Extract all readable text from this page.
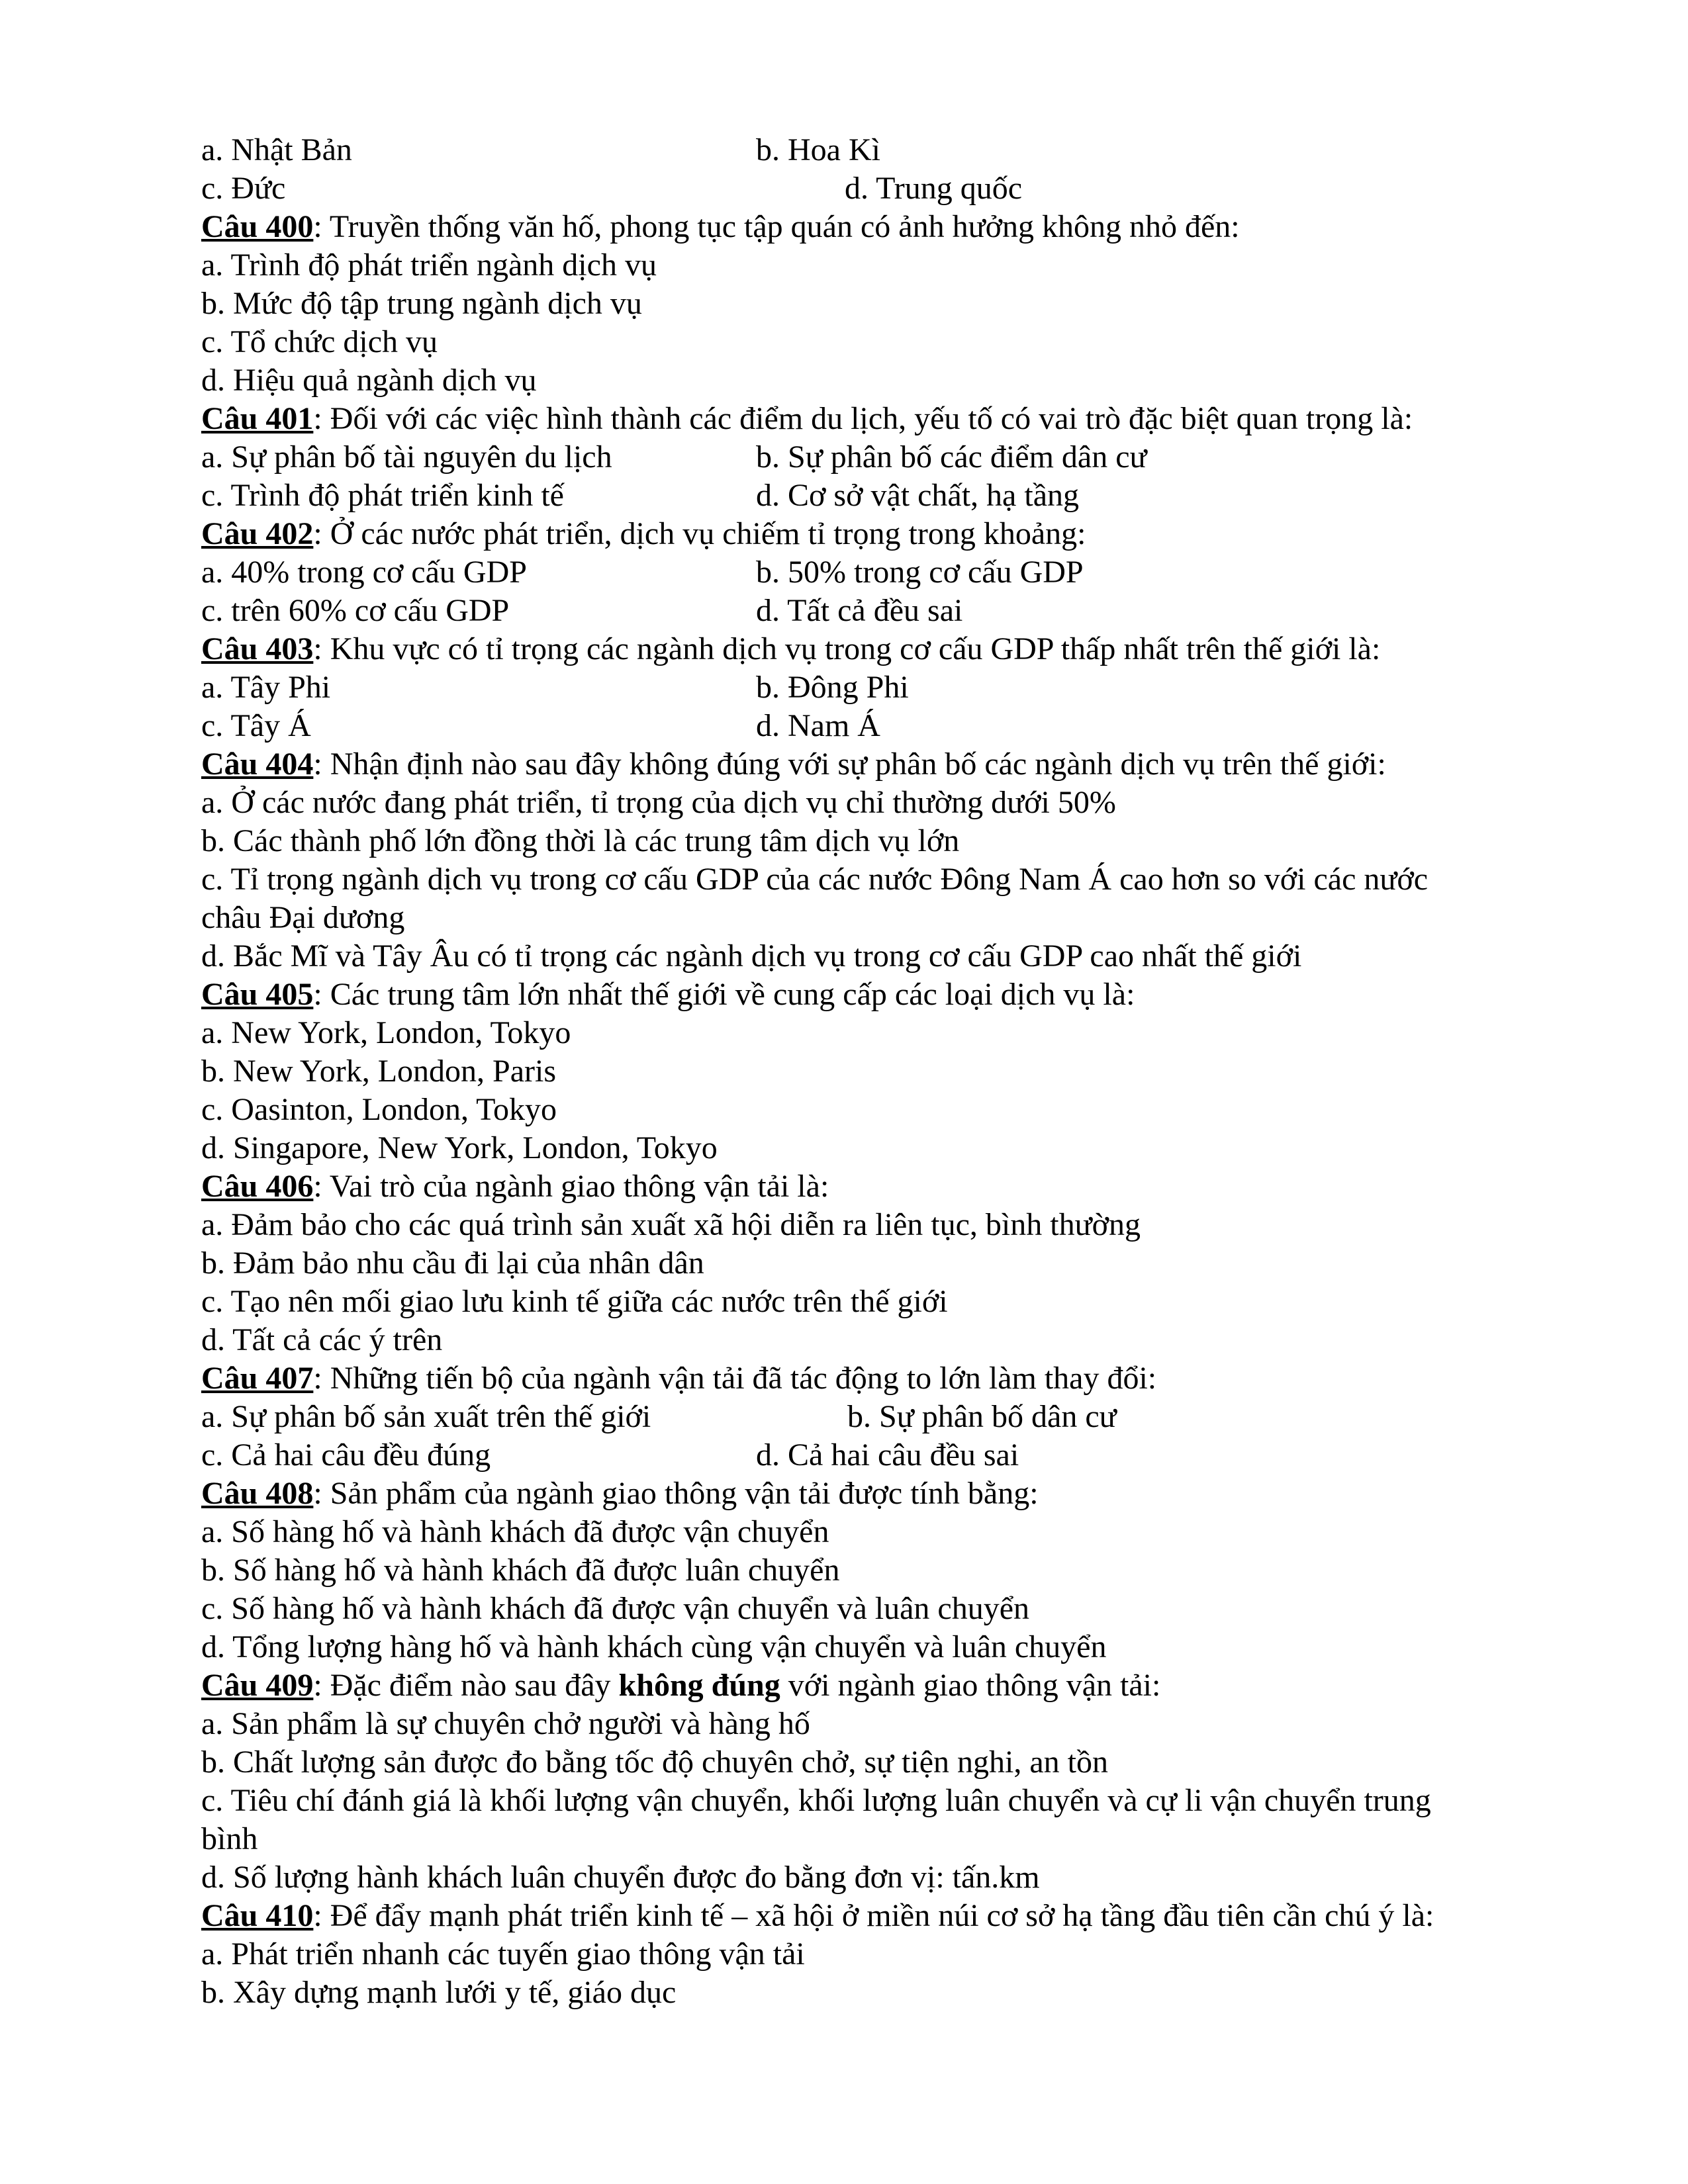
a. Nhật Bản	b. Hoa Kì
c. Đức	d. Trung quốc
Câu 400: Truyền thống văn hố, phong tục tập quán có ảnh hưởng không nhỏ đến:
a. Trình độ phát triển ngành dịch vụ
b. Mức độ tập trung ngành dịch vụ
c. Tổ chức dịch vụ
d. Hiệu quả ngành dịch vụ
Câu 401: Đối với các việc hình thành các điểm du lịch, yếu tố có vai trò đặc biệt quan trọng là:
a. Sự phân bố tài nguyên du lịch	b. Sự phân bố các điểm dân cư
c. Trình độ phát triển kinh tế	d. Cơ sở vật chất, hạ tầng
Câu 402: Ở các nước phát triển, dịch vụ chiếm tỉ trọng trong khoảng:
a. 40% trong cơ cấu GDP	b. 50% trong cơ cấu GDP
c. trên 60% cơ cấu GDP	d. Tất cả đều sai
Câu 403: Khu vực có tỉ trọng các ngành dịch vụ trong cơ cấu GDP thấp nhất trên thế giới là:
a. Tây Phi	b. Đông Phi
c. Tây Á	d. Nam Á
Câu 404: Nhận định nào sau đây không đúng với sự phân bố các ngành dịch vụ trên thế giới:
a. Ở các nước đang phát triển, tỉ trọng của dịch vụ chỉ thường dưới 50%
b. Các thành phố lớn đồng thời là các trung tâm dịch vụ lớn
c. Tỉ trọng ngành dịch vụ trong cơ cấu GDP của các nước Đông Nam Á cao hơn so với các nước
châu Đại dương
d. Bắc Mĩ và Tây Âu có tỉ trọng các ngành dịch vụ trong cơ cấu GDP cao nhất thế giới
Câu 405: Các trung tâm lớn nhất thế giới về cung cấp các loại dịch vụ là:
a. New York, London, Tokyo
b. New York, London, Paris
c. Oasinton, London, Tokyo
d. Singapore, New York, London, Tokyo
Câu 406: Vai trò của ngành giao thông vận tải là:
a. Đảm bảo cho các quá trình sản xuất xã hội diễn ra liên tục, bình thường
b. Đảm bảo nhu cầu đi lại của nhân dân
c. Tạo nên mối giao lưu kinh tế giữa các nước trên thế giới
d. Tất cả các ý trên
Câu 407: Những tiến bộ của ngành vận tải đã tác động to lớn làm thay đổi:
a. Sự phân bố sản xuất trên thế giới	b. Sự phân bố dân cư
c. Cả hai câu đều đúng	d. Cả hai câu đều sai
Câu 408: Sản phẩm của ngành giao thông vận tải được tính bằng:
a. Số hàng hố và hành khách đã được vận chuyển
b. Số hàng hố và hành khách đã được luân chuyển
c. Số hàng hố và hành khách đã được vận chuyển và luân chuyển
d. Tổng lượng hàng hố và hành khách cùng vận chuyển và luân chuyển
Câu 409: Đặc điểm nào sau đây không đúng với ngành giao thông vận tải:
a. Sản phẩm là sự chuyên chở người và hàng hố
b. Chất lượng sản được đo bằng tốc độ chuyên chở, sự tiện nghi, an tồn
c. Tiêu chí đánh giá là khối lượng vận chuyển, khối lượng luân chuyển và cự li vận chuyển trung
bình
d. Số lượng hành khách luân chuyển được đo bằng đơn vị: tấn.km
Câu 410: Để đẩy mạnh phát triển kinh tế – xã hội ở miền núi cơ sở hạ tầng đầu tiên cần chú ý là:
a. Phát triển nhanh các tuyến giao thông vận tải
b. Xây dựng mạnh lưới y tế, giáo dục
